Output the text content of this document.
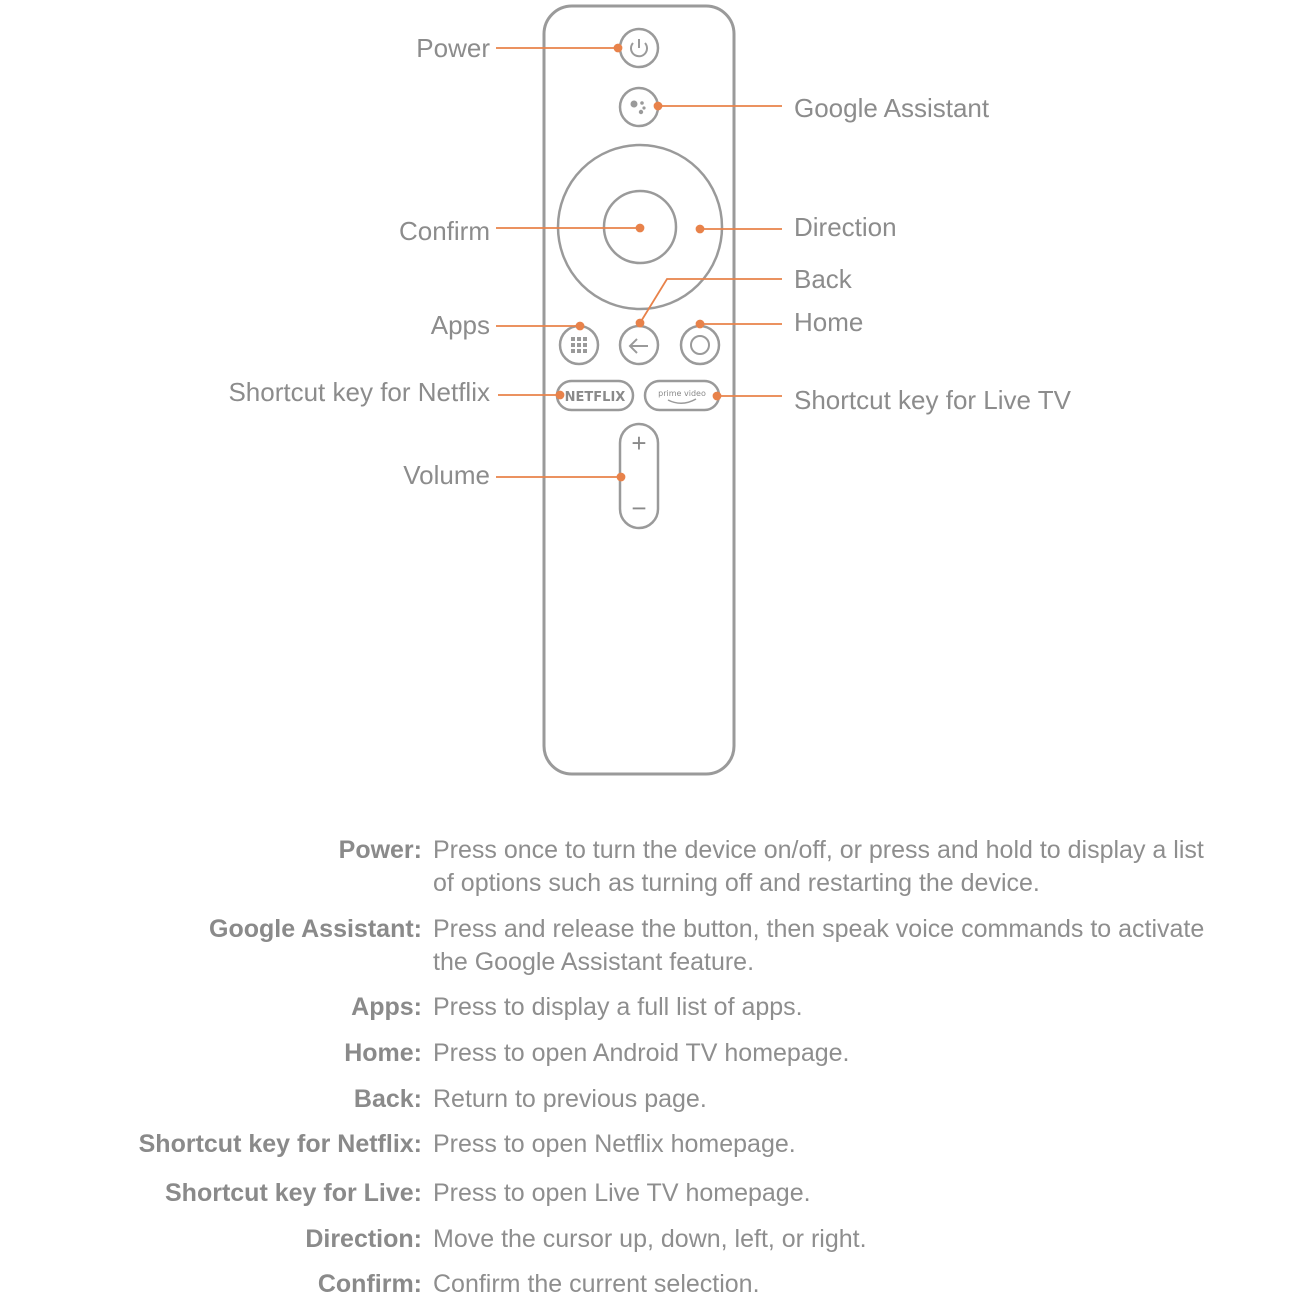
NETFLIX	prime video
+
−
Power
Google Assistant
Confirm	Direction
Back
Apps	Home
Shortcut key for Netflix	Shortcut key for Live TV
Volume
Power: Press once to turn the device on/off, or press and hold to display a list of options such as turning off and restarting the device.
Google Assistant: Press and release the button, then speak voice commands to activate the Google Assistant feature.
Apps: Press to display a full list of apps.
Home: Press to open Android TV homepage.
Back: Return to previous page.
Shortcut key for Netflix: Press to open Netflix homepage.
Shortcut key for Live: Press to open Live TV homepage.
Direction: Move the cursor up, down, left, or right.
Confirm: Confirm the current selection.
